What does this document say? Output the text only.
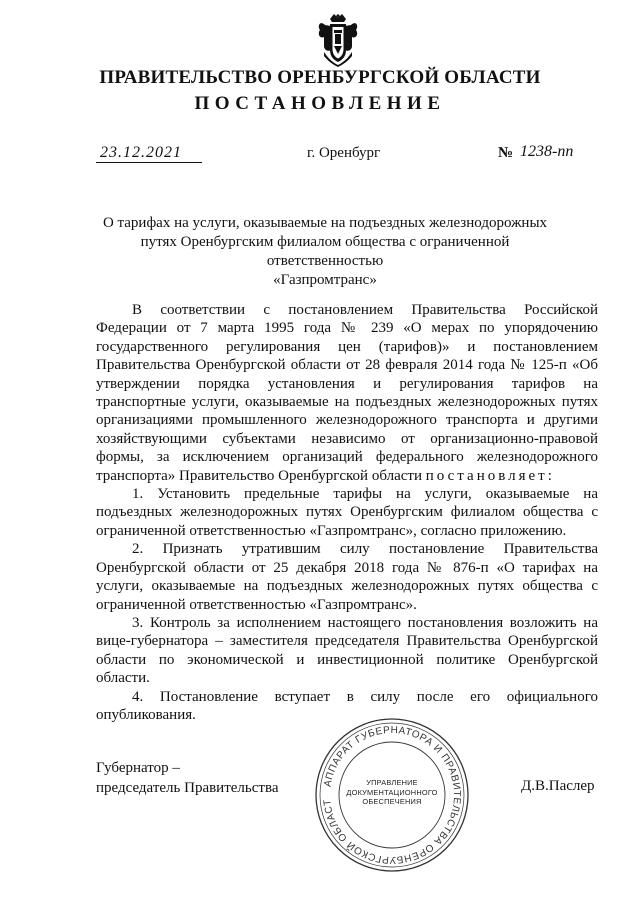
ПРАВИТЕЛЬСТВО ОРЕНБУРГСКОЙ ОБЛАСТИ
ПОСТАНОВЛЕНИЕ
23.12.2021	г. Оренбург	№ 1238-пп
О тарифах на услуги, оказываемые на подъездных железнодорожных
путях Оренбургским филиалом общества с ограниченной ответственностью
«Газпромтранс»

В соответствии с постановлением Правительства Российской Федерации от 7 марта 1995 года № 239 «О мерах по упорядочению государственного регулирования цен (тарифов)» и постановлением Правительства Оренбургской области от 28 февраля 2014 года № 125-п «Об утверждении порядка установления и регулирования тарифов на транспортные услуги, оказываемые на подъездных железнодорожных путях организациями промышленного железнодорожного транспорта и другими хозяйствующими субъектами независимо от организационно-правовой формы, за исключением организаций федерального железнодорожного транспорта» Правительство Оренбургской области постановляет:

1. Установить предельные тарифы на услуги, оказываемые на подъездных железнодорожных путях Оренбургским филиалом общества с ограниченной ответственностью «Газпромтранс», согласно приложению.

2. Признать утратившим силу постановление Правительства Оренбургской области от 25 декабря 2018 года № 876-п «О тарифах на услуги, оказываемые на подъездных железнодорожных путях общества с ограниченной ответственностью «Газпромтранс».

3. Контроль за исполнением настоящего постановления возложить на вице-губернатора – заместителя председателя Правительства Оренбургской области по экономической и инвестиционной политике Оренбургской области.

4. Постановление вступает в силу после его официального опубликования.

Губернатор –
председатель Правительства	Д.В.Паслер
АППАРАТ ГУБЕРНАТОРА И ПРАВИТЕЛЬСТВА ОРЕНБУРГСКОЙ ОБЛАСТ
УПРАВЛЕНИЕ
ДОКУМЕНТАЦИОННОГО
ОБЕСПЕЧЕНИЯ
